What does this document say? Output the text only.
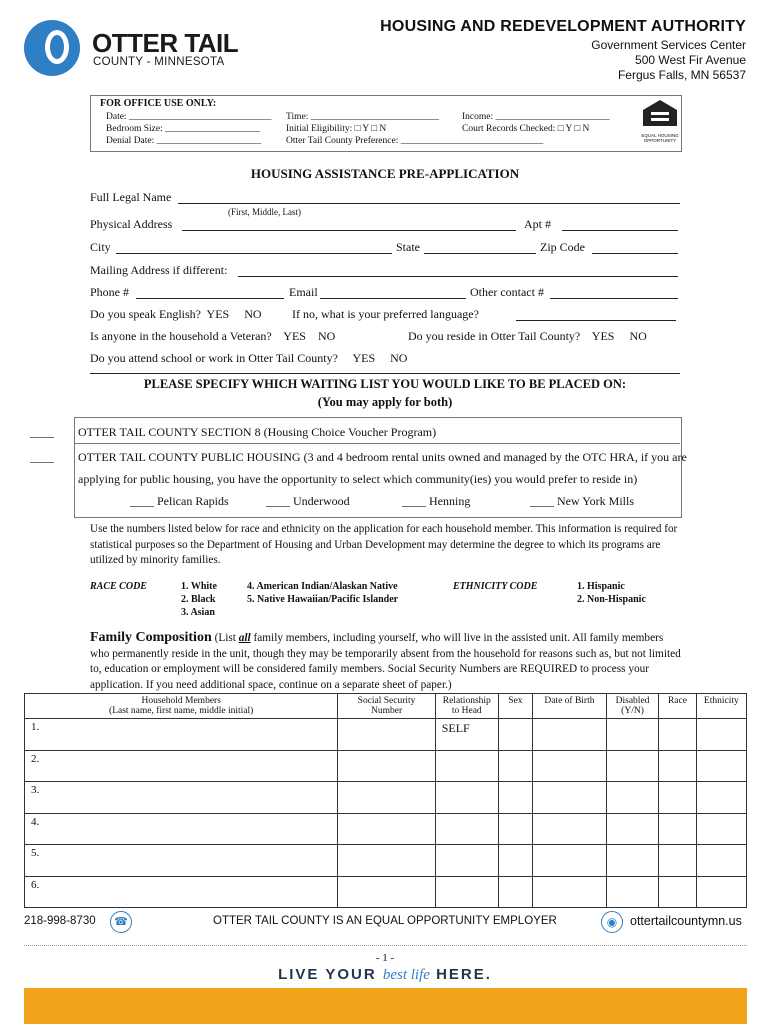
OTTER TAIL
COUNTY - MINNESOTA
HOUSING AND REDEVELOPMENT AUTHORITY
Government Services Center
500 West Fir Avenue
Fergus Falls, MN 56537
FOR OFFICE USE ONLY:
Date: ______________________________
Bedroom Size: ____________________
Denial Date: ______________________
Time: ___________________________
Initial Eligibility: □ Y □ N
Otter Tail County Preference: ______________________________
Income: ________________________
Court Records Checked: □ Y □ N
EQUAL HOUSING OPPORTUNITY
HOUSING ASSISTANCE PRE-APPLICATION
Full Legal Name
(First, Middle, Last)
Physical Address	Apt #
City	State	Zip Code
Mailing Address if different:
Phone #	Email	Other contact #
Do you speak English?  YES     NO	If no, what is your preferred language?
Is anyone in the household a Veteran?    YES    NO	Do you reside in Otter Tail County?    YES     NO
Do you attend school or work in Otter Tail County?     YES     NO
PLEASE SPECIFY WHICH WAITING LIST YOU WOULD LIKE TO BE PLACED ON:
(You may apply for both)
____ OTTER TAIL COUNTY SECTION 8 (Housing Choice Voucher Program)
____ OTTER TAIL COUNTY PUBLIC HOUSING (3 and 4 bedroom rental units owned and managed by the OTC HRA, if you are
applying for public housing, you have the opportunity to select which community(ies) you would prefer to reside in)
____ Pelican Rapids	____ Underwood	____ Henning	____ New York Mills
Use the numbers listed below for race and ethnicity on the application for each household member. This information is required for statistical purposes so the Department of Housing and Urban Development may determine the degree to which its programs are utilized by minority families.
RACE CODE	1. White
2. Black
3. Asian
4. American Indian/Alaskan Native
5. Native Hawaiian/Pacific Islander
ETHNICITY CODE	1. Hispanic
2. Non-Hispanic
Family Composition (List all family members, including yourself, who will live in the assisted unit. All family members who permanently reside in the unit, though they may be temporarily absent from the household for reasons such as, but not limited to, education or employment will be considered family members. Social Security Numbers are REQUIRED to process your application. If you need additional space, continue on a separate sheet of paper.)
Household Members
(Last name, first name, middle initial)	Social Security Number	Relationship to Head	Sex	Date of Birth	Disabled (Y/N)	Race	Ethnicity
1.		SELF					
2.							
3.							
4.							
5.							
6.							
218-998-8730	☎	OTTER TAIL COUNTY IS AN EQUAL OPPORTUNITY EMPLOYER	◉	ottertailcountymn.us
- 1 -
LIVE YOUR best life HERE.
